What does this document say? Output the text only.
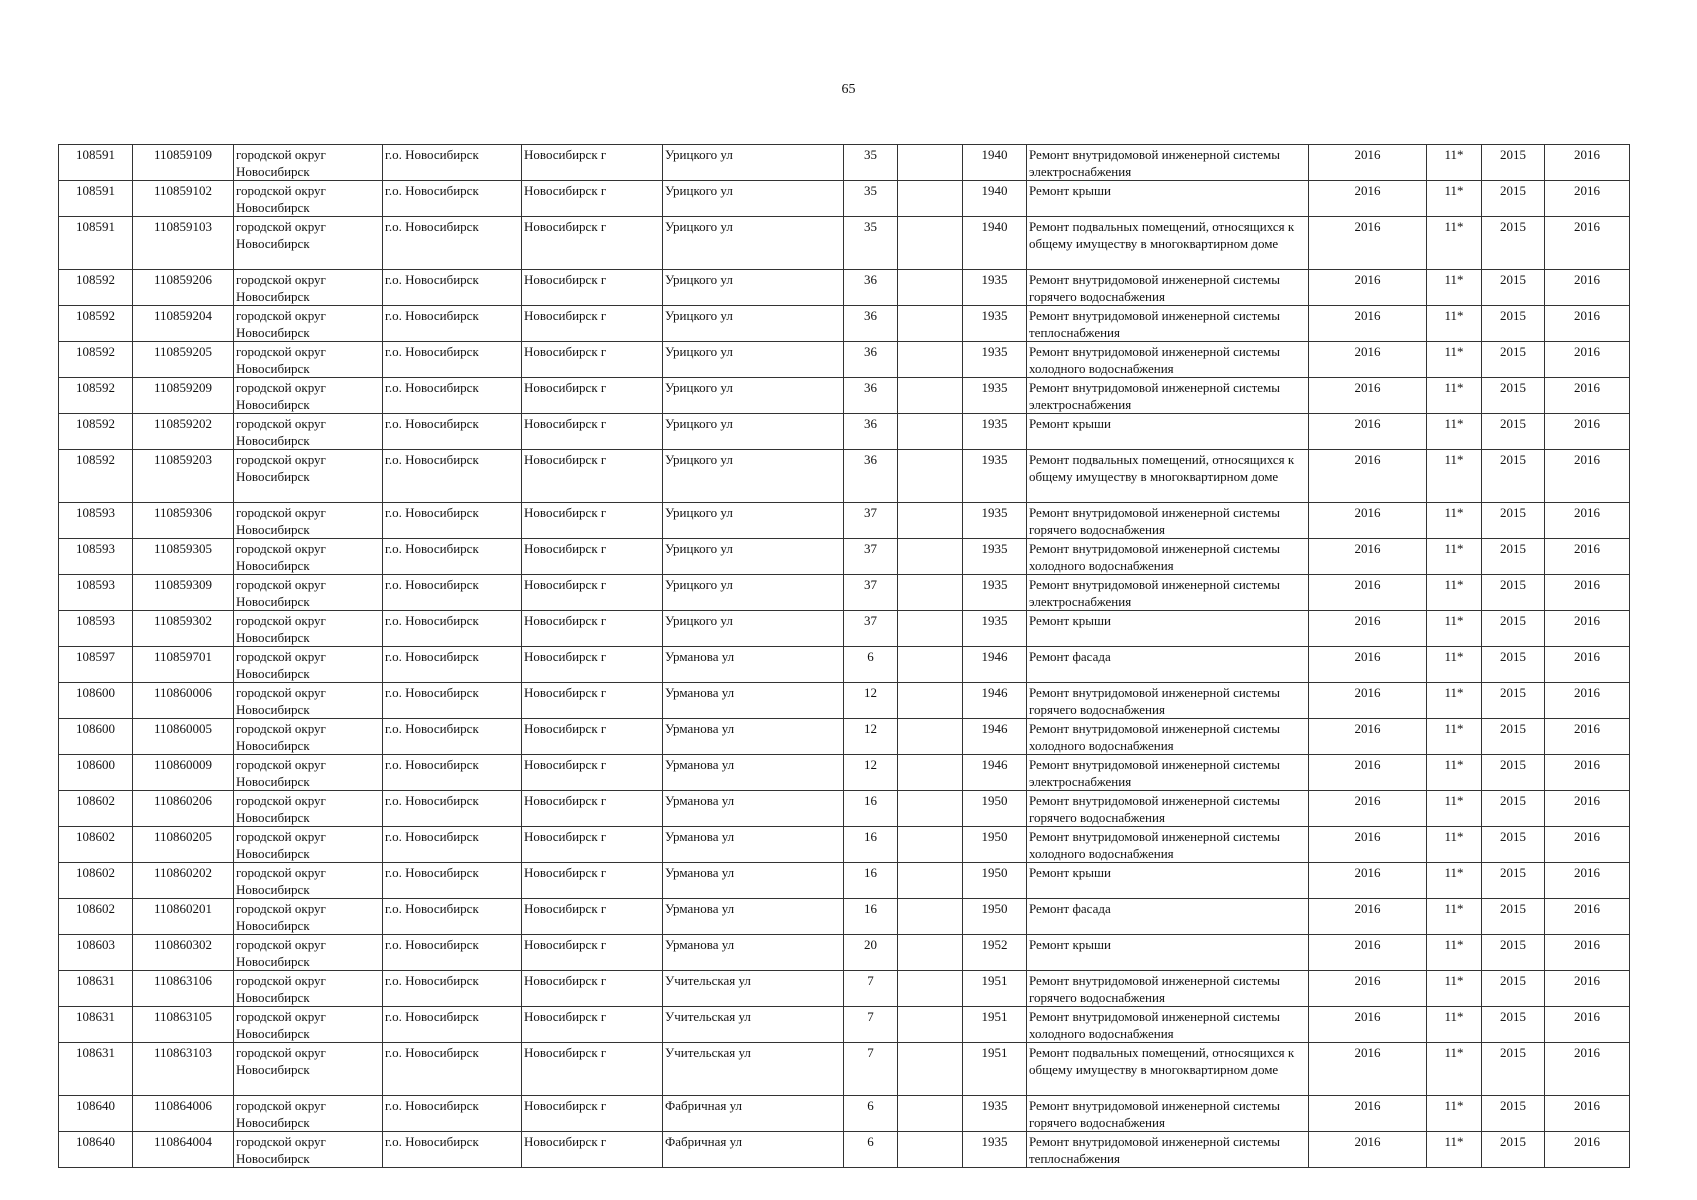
65
108591	110859109	городской округ Новосибирск	г.о. Новосибирск	Новосибирск г	Урицкого ул	35		1940	Ремонт внутридомовой инженерной системы электроснабжения	2016	11*	2015	2016
108591	110859102	городской округ Новосибирск	г.о. Новосибирск	Новосибирск г	Урицкого ул	35		1940	Ремонт крыши	2016	11*	2015	2016
108591	110859103	городской округ Новосибирск	г.о. Новосибирск	Новосибирск г	Урицкого ул	35		1940	Ремонт подвальных помещений, относящихся к общему имуществу в многоквартирном доме	2016	11*	2015	2016
108592	110859206	городской округ Новосибирск	г.о. Новосибирск	Новосибирск г	Урицкого ул	36		1935	Ремонт внутридомовой инженерной системы горячего водоснабжения	2016	11*	2015	2016
108592	110859204	городской округ Новосибирск	г.о. Новосибирск	Новосибирск г	Урицкого ул	36		1935	Ремонт внутридомовой инженерной системы теплоснабжения	2016	11*	2015	2016
108592	110859205	городской округ Новосибирск	г.о. Новосибирск	Новосибирск г	Урицкого ул	36		1935	Ремонт внутридомовой инженерной системы холодного водоснабжения	2016	11*	2015	2016
108592	110859209	городской округ Новосибирск	г.о. Новосибирск	Новосибирск г	Урицкого ул	36		1935	Ремонт внутридомовой инженерной системы электроснабжения	2016	11*	2015	2016
108592	110859202	городской округ Новосибирск	г.о. Новосибирск	Новосибирск г	Урицкого ул	36		1935	Ремонт крыши	2016	11*	2015	2016
108592	110859203	городской округ Новосибирск	г.о. Новосибирск	Новосибирск г	Урицкого ул	36		1935	Ремонт подвальных помещений, относящихся к общему имуществу в многоквартирном доме	2016	11*	2015	2016
108593	110859306	городской округ Новосибирск	г.о. Новосибирск	Новосибирск г	Урицкого ул	37		1935	Ремонт внутридомовой инженерной системы горячего водоснабжения	2016	11*	2015	2016
108593	110859305	городской округ Новосибирск	г.о. Новосибирск	Новосибирск г	Урицкого ул	37		1935	Ремонт внутридомовой инженерной системы холодного водоснабжения	2016	11*	2015	2016
108593	110859309	городской округ Новосибирск	г.о. Новосибирск	Новосибирск г	Урицкого ул	37		1935	Ремонт внутридомовой инженерной системы электроснабжения	2016	11*	2015	2016
108593	110859302	городской округ Новосибирск	г.о. Новосибирск	Новосибирск г	Урицкого ул	37		1935	Ремонт крыши	2016	11*	2015	2016
108597	110859701	городской округ Новосибирск	г.о. Новосибирск	Новосибирск г	Урманова ул	6		1946	Ремонт фасада	2016	11*	2015	2016
108600	110860006	городской округ Новосибирск	г.о. Новосибирск	Новосибирск г	Урманова ул	12		1946	Ремонт внутридомовой инженерной системы горячего водоснабжения	2016	11*	2015	2016
108600	110860005	городской округ Новосибирск	г.о. Новосибирск	Новосибирск г	Урманова ул	12		1946	Ремонт внутридомовой инженерной системы холодного водоснабжения	2016	11*	2015	2016
108600	110860009	городской округ Новосибирск	г.о. Новосибирск	Новосибирск г	Урманова ул	12		1946	Ремонт внутридомовой инженерной системы электроснабжения	2016	11*	2015	2016
108602	110860206	городской округ Новосибирск	г.о. Новосибирск	Новосибирск г	Урманова ул	16		1950	Ремонт внутридомовой инженерной системы горячего водоснабжения	2016	11*	2015	2016
108602	110860205	городской округ Новосибирск	г.о. Новосибирск	Новосибирск г	Урманова ул	16		1950	Ремонт внутридомовой инженерной системы холодного водоснабжения	2016	11*	2015	2016
108602	110860202	городской округ Новосибирск	г.о. Новосибирск	Новосибирск г	Урманова ул	16		1950	Ремонт крыши	2016	11*	2015	2016
108602	110860201	городской округ Новосибирск	г.о. Новосибирск	Новосибирск г	Урманова ул	16		1950	Ремонт фасада	2016	11*	2015	2016
108603	110860302	городской округ Новосибирск	г.о. Новосибирск	Новосибирск г	Урманова ул	20		1952	Ремонт крыши	2016	11*	2015	2016
108631	110863106	городской округ Новосибирск	г.о. Новосибирск	Новосибирск г	Учительская ул	7		1951	Ремонт внутридомовой инженерной системы горячего водоснабжения	2016	11*	2015	2016
108631	110863105	городской округ Новосибирск	г.о. Новосибирск	Новосибирск г	Учительская ул	7		1951	Ремонт внутридомовой инженерной системы холодного водоснабжения	2016	11*	2015	2016
108631	110863103	городской округ Новосибирск	г.о. Новосибирск	Новосибирск г	Учительская ул	7		1951	Ремонт подвальных помещений, относящихся к общему имуществу в многоквартирном доме	2016	11*	2015	2016
108640	110864006	городской округ Новосибирск	г.о. Новосибирск	Новосибирск г	Фабричная ул	6		1935	Ремонт внутридомовой инженерной системы горячего водоснабжения	2016	11*	2015	2016
108640	110864004	городской округ Новосибирск	г.о. Новосибирск	Новосибирск г	Фабричная ул	6		1935	Ремонт внутридомовой инженерной системы теплоснабжения	2016	11*	2015	2016
